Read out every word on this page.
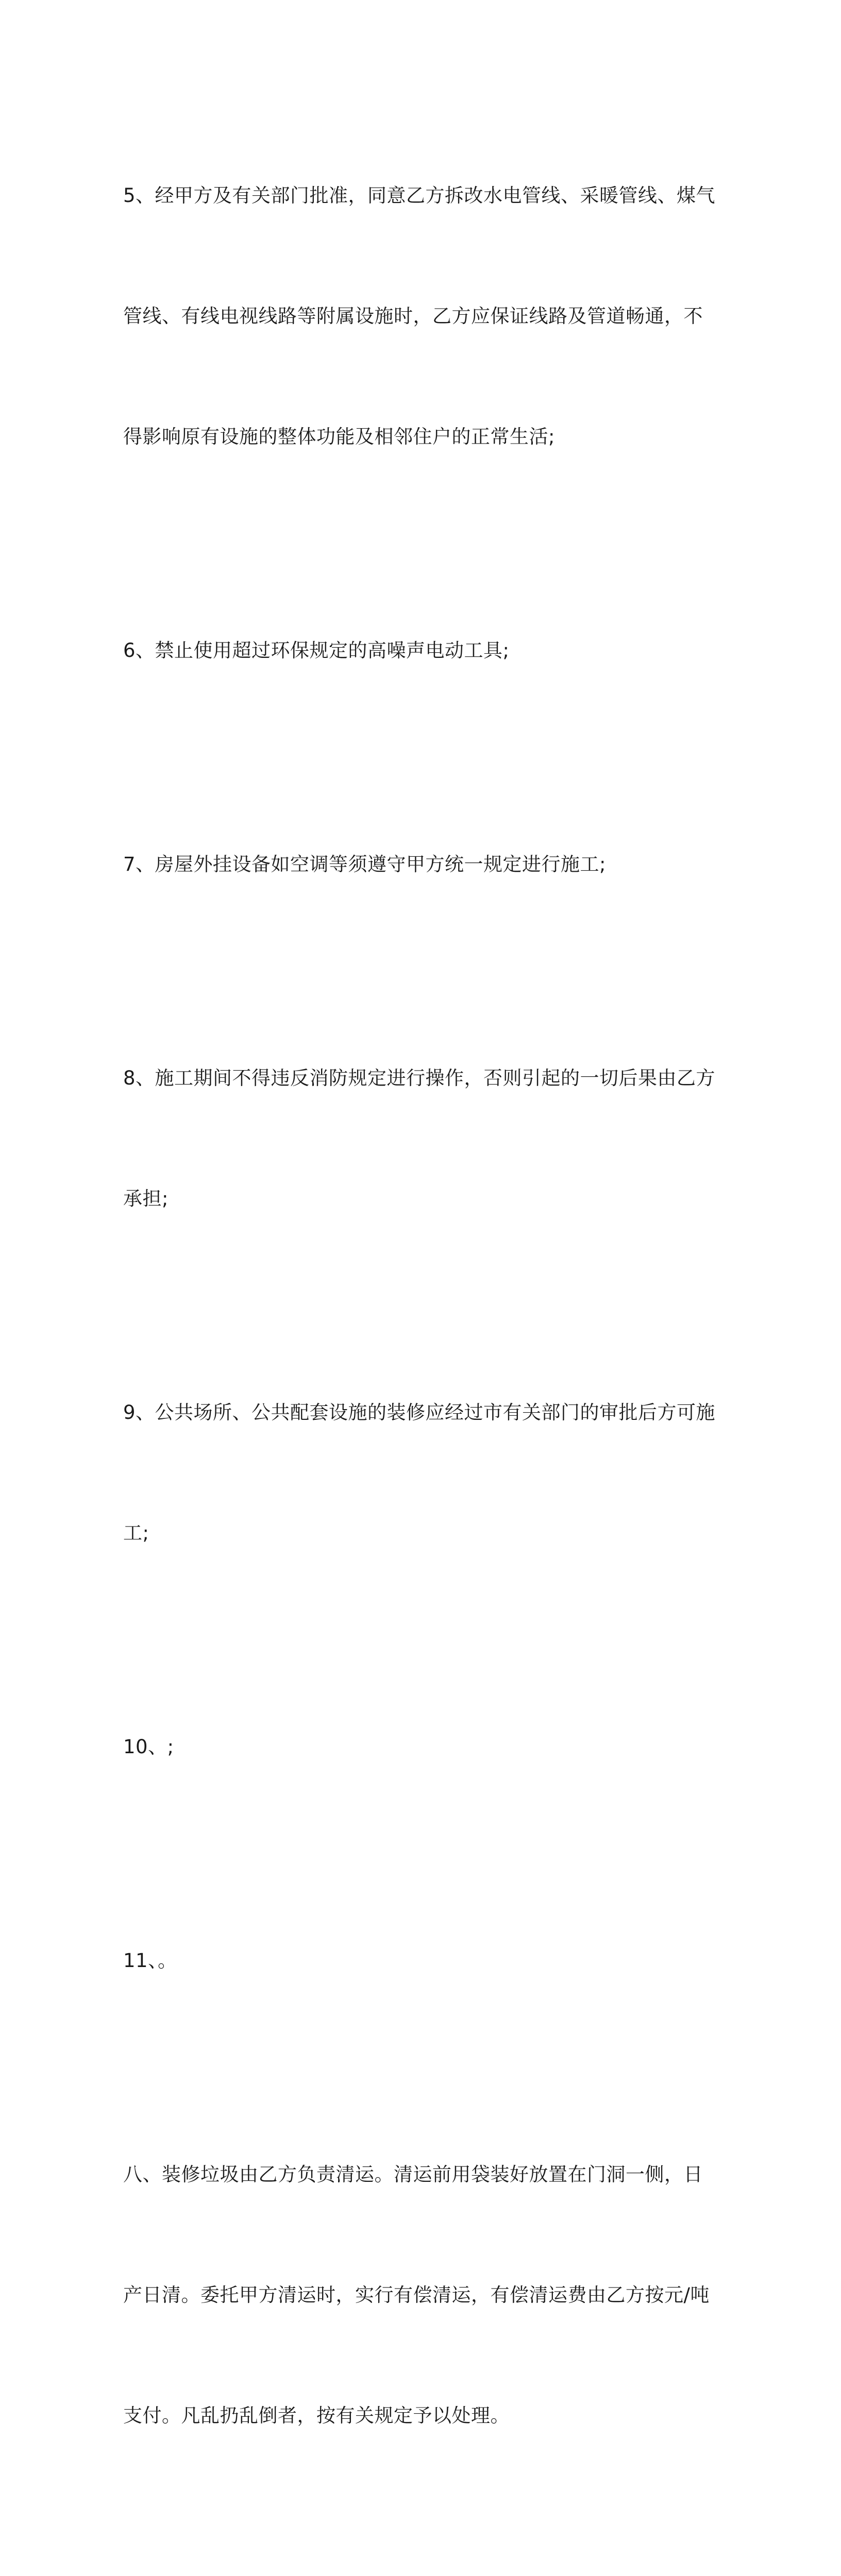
5、经甲方及有关部门批准，同意乙方拆改水电管线、采暖管线、煤气

管线、有线电视线路等附属设施时，乙方应保证线路及管道畅通，不

得影响原有设施的整体功能及相邻住户的正常生活;

6、禁止使用超过环保规定的高噪声电动工具;

7、房屋外挂设备如空调等须遵守甲方统一规定进行施工;

8、施工期间不得违反消防规定进行操作，否则引起的一切后果由乙方

承担;

9、公共场所、公共配套设施的装修应经过市有关部门的审批后方可施

工;

10、;

11、。

八、装修垃圾由乙方负责清运。清运前用袋装好放置在门洞一侧，日

产日清。委托甲方清运时，实行有偿清运，有偿清运费由乙方按元/吨

支付。凡乱扔乱倒者，按有关规定予以处理。
